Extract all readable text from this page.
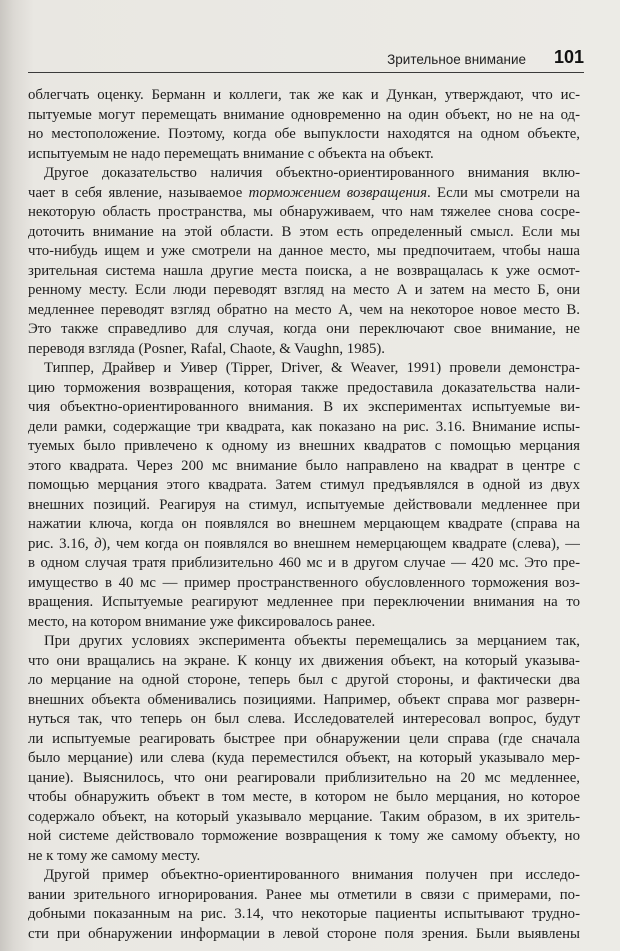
Зрительное внимание 101
облегчать оценку. Берманн и коллеги, так же как и Дункан, утверждают, что ис-
пытуемые могут перемещать внимание одновременно на один объект, но не на од-
но местоположение. Поэтому, когда обе выпуклости находятся на одном объекте,
испытуемым не надо перемещать внимание с объекта на объект.
Другое доказательство наличия объектно-ориентированного внимания вклю-
чает в себя явление, называемое торможением возвращения. Если мы смотрели на
некоторую область пространства, мы обнаруживаем, что нам тяжелее снова сосре-
доточить внимание на этой области. В этом есть определенный смысл. Если мы
что-нибудь ищем и уже смотрели на данное место, мы предпочитаем, чтобы наша
зрительная система нашла другие места поиска, а не возвращалась к уже осмот-
ренному месту. Если люди переводят взгляд на место А и затем на место Б, они
медленнее переводят взгляд обратно на место А, чем на некоторое новое место В.
Это также справедливо для случая, когда они переключают свое внимание, не
переводя взгляда (Posner, Rafal, Chaote, & Vaughn, 1985).
Типпер, Драйвер и Уивер (Tipper, Driver, & Weaver, 1991) провели демонстра-
цию торможения возвращения, которая также предоставила доказательства нали-
чия объектно-ориентированного внимания. В их экспериментах испытуемые ви-
дели рамки, содержащие три квадрата, как показано на рис. 3.16. Внимание испы-
туемых было привлечено к одному из внешних квадратов с помощью мерцания
этого квадрата. Через 200 мс внимание было направлено на квадрат в центре с
помощью мерцания этого квадрата. Затем стимул предъявлялся в одной из двух
внешних позиций. Реагируя на стимул, испытуемые действовали медленнее при
нажатии ключа, когда он появлялся во внешнем мерцающем квадрате (справа на
рис. 3.16, д), чем когда он появлялся во внешнем немерцающем квадрате (слева), —
в одном случая тратя приблизительно 460 мс и в другом случае — 420 мс. Это пре-
имущество в 40 мс — пример пространственного обусловленного торможения воз-
вращения. Испытуемые реагируют медленнее при переключении внимания на то
место, на котором внимание уже фиксировалось ранее.
При других условиях эксперимента объекты перемещались за мерцанием так,
что они вращались на экране. К концу их движения объект, на который указыва-
ло мерцание на одной стороне, теперь был с другой стороны, и фактически два
внешних объекта обменивались позициями. Например, объект справа мог разверн-
нуться так, что теперь он был слева. Исследователей интересовал вопрос, будут
ли испытуемые реагировать быстрее при обнаружении цели справа (где сначала
было мерцание) или слева (куда переместился объект, на который указывало мер-
цание). Выяснилось, что они реагировали приблизительно на 20 мс медленнее,
чтобы обнаружить объект в том месте, в котором не было мерцания, но которое
содержало объект, на который указывало мерцание. Таким образом, в их зритель-
ной системе действовало торможение возвращения к тому же самому объекту, но
не к тому же самому месту.
Другой пример объектно-ориентированного внимания получен при исследо-
вании зрительного игнорирования. Ранее мы отметили в связи с примерами, по-
добными показанным на рис. 3.14, что некоторые пациенты испытывают трудно-
сти при обнаружении информации в левой стороне поля зрения. Были выявлены
